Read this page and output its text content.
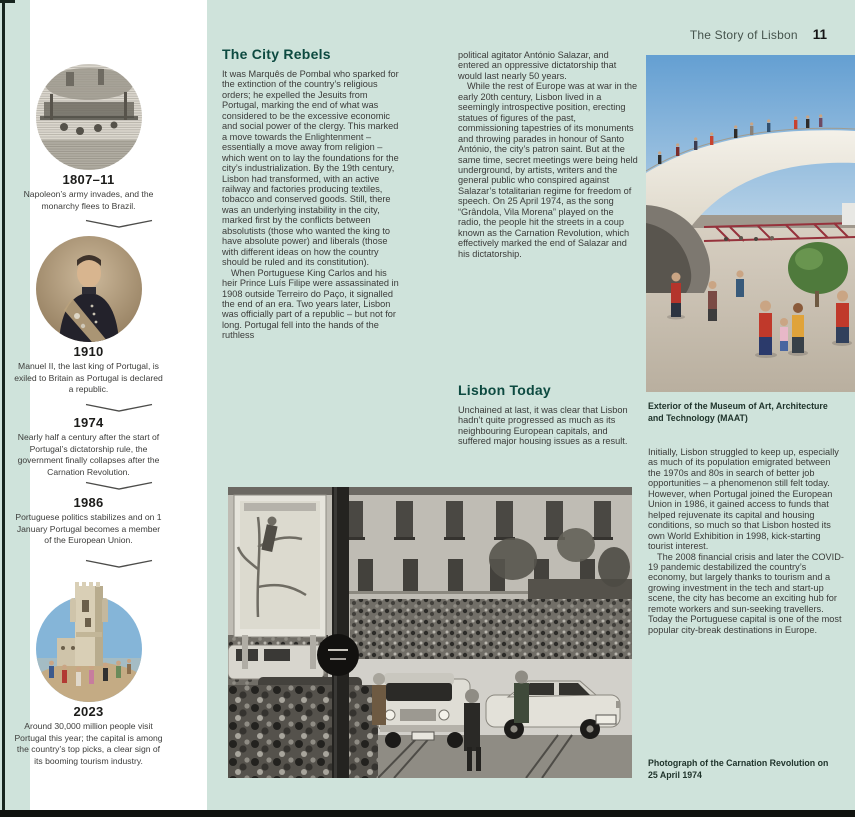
The Story of Lisbon 11
1807–11
Napoleon’s army invades, and the monarchy flees to Brazil.
1910
Manuel II, the last king of Portugal, is exiled to Britain as Portugal is declared a republic.
1974
Nearly half a century after the start of Portugal’s dictatorship rule, the government finally collapses after the Carnation Revolution.
1986
Portuguese politics stabilizes and on 1 January Portugal becomes a member of the European Union.
2023
Around 30,000 million people visit Portugal this year; the capital is among the country’s top picks, a clear sign of its booming tourism industry.
The City Rebels

It was Marquês de Pombal who sparked for the extinction of the country’s religious orders; he expelled the Jesuits from Portugal, marking the end of what was considered to be the excessive economic and social power of the clergy. This marked a move towards the Enlightenment – essentially a move away from religion – which went on to lay the foundations for the city’s industrialization. By the 19th century, Lisbon had transformed, with an active railway and factories producing textiles, tobacco and conserved goods. Still, there was an underlying instability in the city, marked first by the conflicts between absolutists (those who wanted the king to have absolute power) and liberals (those with different ideas on how the country should be ruled and its constitution).

When Portuguese King Carlos and his heir Prince Luís Filipe were assassinated in 1908 outside Terreiro do Paço, it signalled the end of an era. Two years later, Lisbon was officially part of a republic – but not for long. Portugal fell into the hands of the ruthless

political agitator António Salazar, and entered an oppressive dictatorship that would last nearly 50 years.

While the rest of Europe was at war in the early 20th century, Lisbon lived in a seemingly introspective position, erecting statues of figures of the past, commissioning tapestries of its monuments and throwing parades in honour of Santo António, the city’s patron saint. But at the same time, secret meetings were being held underground, by artists, writers and the general public who conspired against Salazar’s totalitarian regime for freedom of speech. On 25 April 1974, as the song “Grândola, Vila Morena” played on the radio, the people hit the streets in a coup known as the Carnation Revolution, which effectively marked the end of Salazar and his dictatorship.

Lisbon Today

Unchained at last, it was clear that Lisbon hadn’t quite progressed as much as its neighbouring European capitals, and suffered major housing issues as a result.

Exterior of the Museum of Art, Architecture and Technology (MAAT)

Initially, Lisbon struggled to keep up, especially as much of its population emigrated between the 1970s and 80s in search of better job opportunities – a phenomenon still felt today. However, when Portugal joined the European Union in 1986, it gained access to funds that helped rejuvenate its capital and housing conditions, so much so that Lisbon hosted its own World Exhibition in 1998, kick-starting tourist interest.

The 2008 financial crisis and later the COVID-19 pandemic destabilized the country’s economy, but largely thanks to tourism and a growing investment in the tech and start-up scene, the city has become an exciting hub for remote workers and sun-seeking travellers. Today the Portuguese capital is one of the most popular city-break destinations in Europe.

Photograph of the Carnation Revolution on 25 April 1974
